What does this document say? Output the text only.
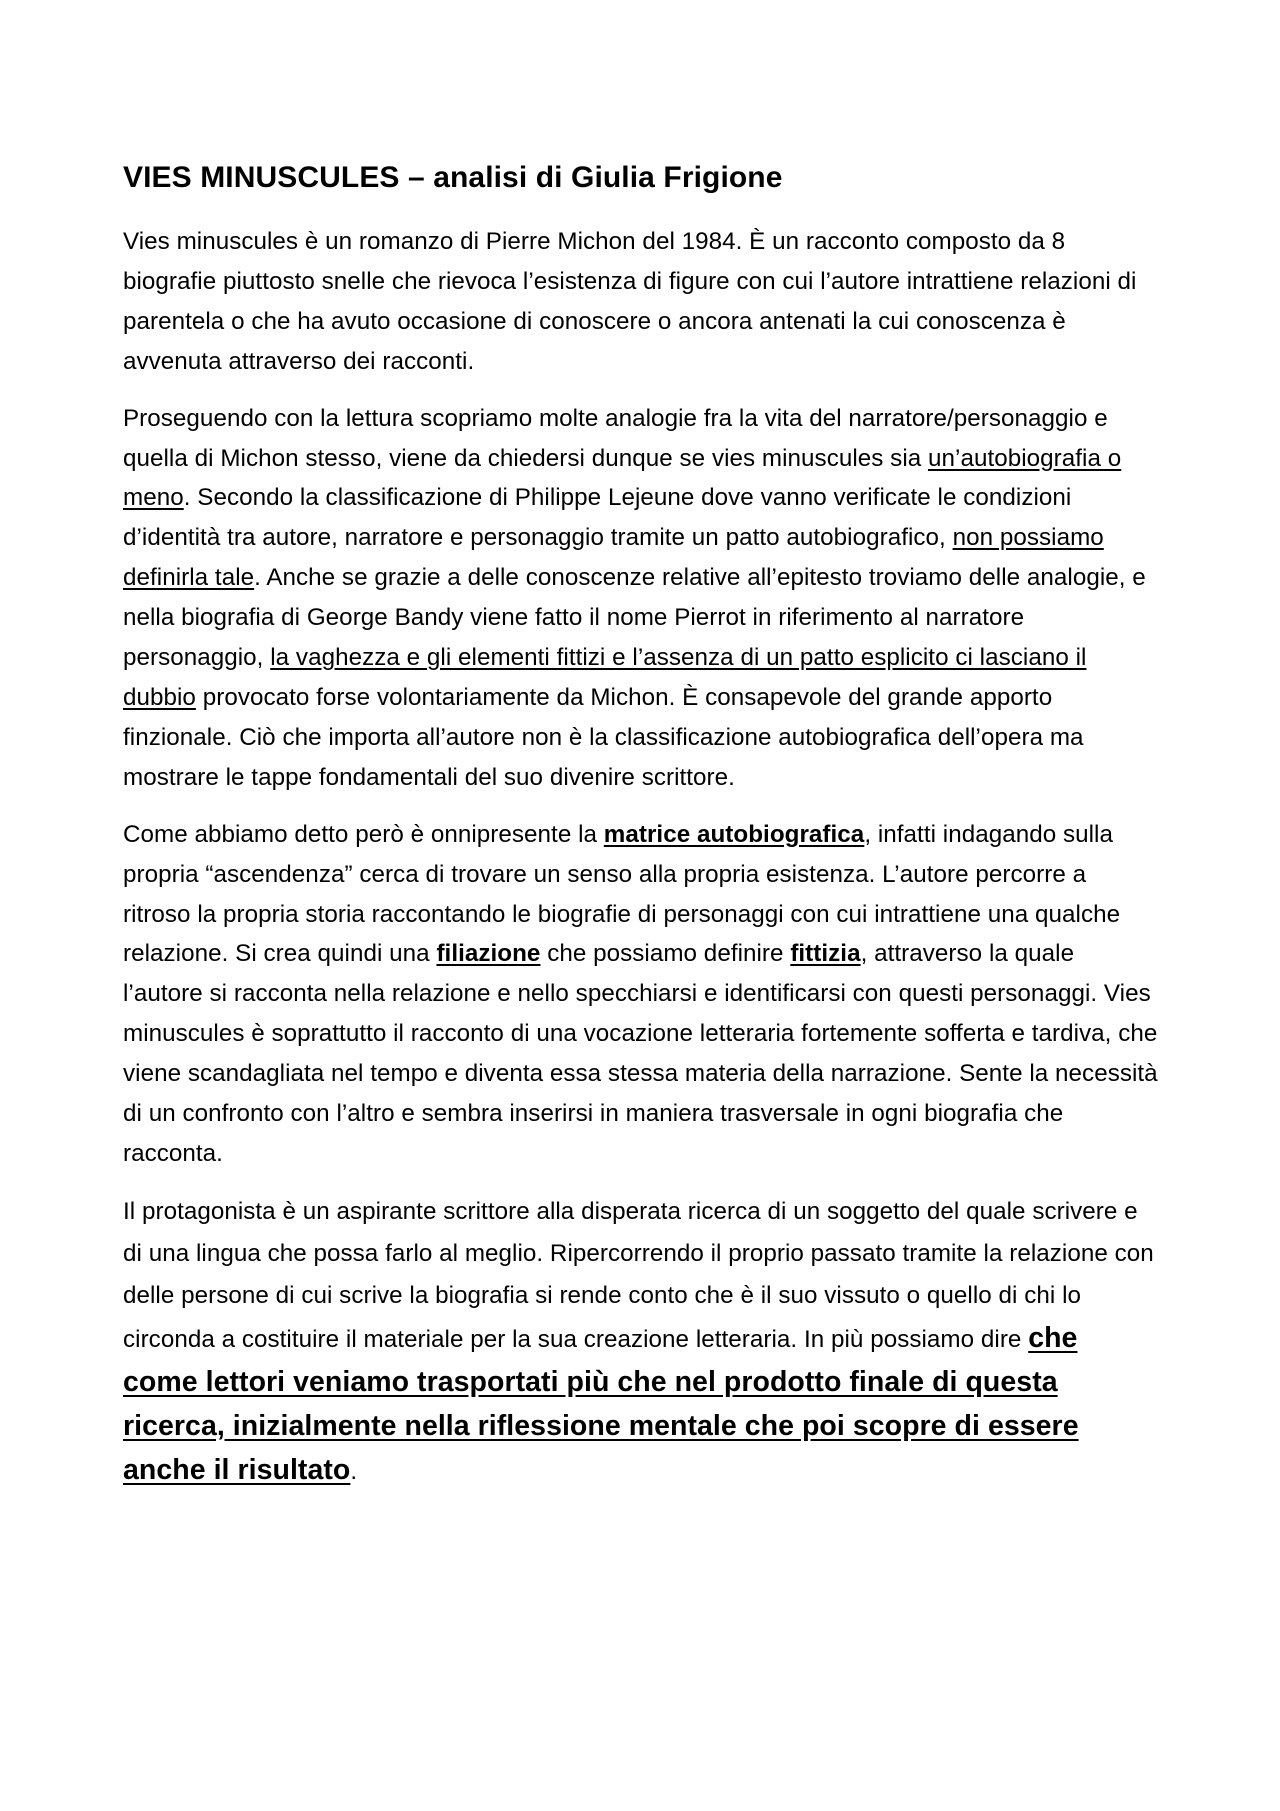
VIES MINUSCULES – analisi di Giulia Frigione

Vies minuscules è un romanzo di Pierre Michon del 1984. È un racconto composto da 8 biografie piuttosto snelle che rievoca l’esistenza di figure con cui l’autore intrattiene relazioni di parentela o che ha avuto occasione di conoscere o ancora antenati la cui conoscenza è avvenuta attraverso dei racconti.

Proseguendo con la lettura scopriamo molte analogie fra la vita del narratore/personaggio e quella di Michon stesso, viene da chiedersi dunque se vies minuscules sia un’autobiografia o meno. Secondo la classificazione di Philippe Lejeune dove vanno verificate le condizioni d’identità tra autore, narratore e personaggio tramite un patto autobiografico, non possiamo definirla tale. Anche se grazie a delle conoscenze relative all’epitesto troviamo delle analogie, e nella biografia di George Bandy viene fatto il nome Pierrot in riferimento al narratore personaggio, la vaghezza e gli elementi fittizi e l’assenza di un patto esplicito ci lasciano il dubbio provocato forse volontariamente da Michon. È consapevole del grande apporto finzionale. Ciò che importa all’autore non è la classificazione autobiografica dell’opera ma mostrare le tappe fondamentali del suo divenire scrittore.

Come abbiamo detto però è onnipresente la matrice autobiografica, infatti indagando sulla propria “ascendenza” cerca di trovare un senso alla propria esistenza. L’autore percorre a ritroso la propria storia raccontando le biografie di personaggi con cui intrattiene una qualche relazione. Si crea quindi una filiazione che possiamo definire fittizia, attraverso la quale l’autore si racconta nella relazione e nello specchiarsi e identificarsi con questi personaggi. Vies minuscules è soprattutto il racconto di una vocazione letteraria fortemente sofferta e tardiva, che viene scandagliata nel tempo e diventa essa stessa materia della narrazione. Sente la necessità di un confronto con l’altro e sembra inserirsi in maniera trasversale in ogni biografia che racconta.

Il protagonista è un aspirante scrittore alla disperata ricerca di un soggetto del quale scrivere e di una lingua che possa farlo al meglio. Ripercorrendo il proprio passato tramite la relazione con delle persone di cui scrive la biografia si rende conto che è il suo vissuto o quello di chi lo circonda a costituire il materiale per la sua creazione letteraria. In più possiamo dire che come lettori veniamo trasportati più che nel prodotto finale di questa ricerca, inizialmente nella riflessione mentale che poi scopre di essere anche il risultato.
